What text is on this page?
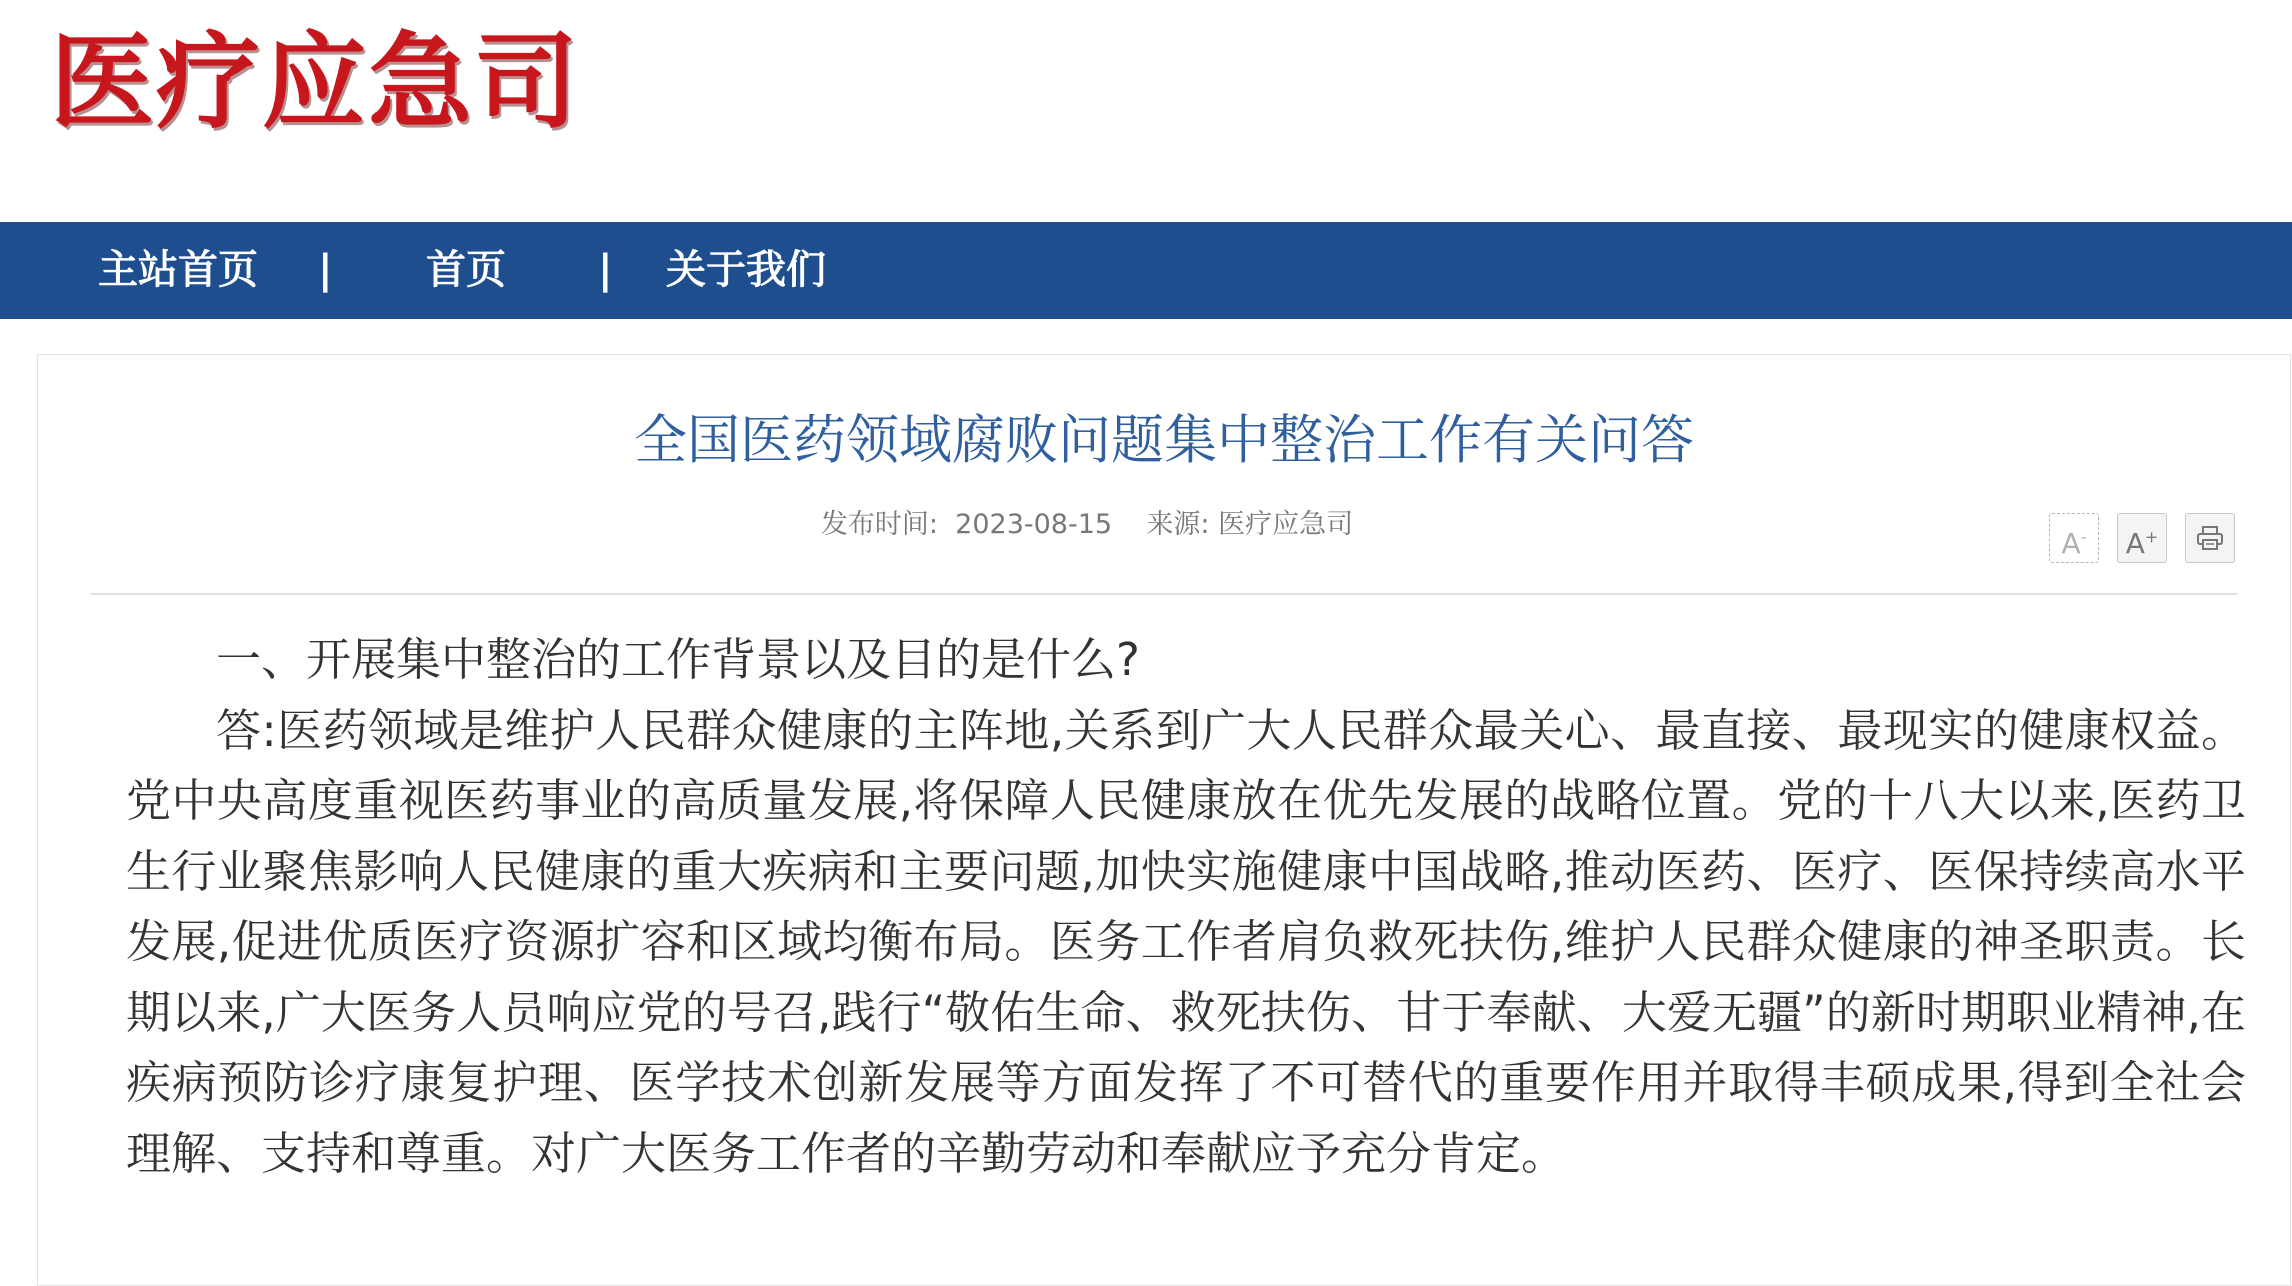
医疗应急司
主站首页 | 首页 | 关于我们
全国医药领域腐败问题集中整治工作有关问答
发布时间: 2023-08-15 来源: 医疗应急司
A-	A+

一、开展集中整治的工作背景以及目的是什么?

答:医药领域是维护人民群众健康的主阵地,关系到广大人民群众最关心、最直接、最现实的健康权益。党中央高度重视医药事业的高质量发展,将保障人民健康放在优先发展的战略位置。党的十八大以来,医药卫生行业聚焦影响人民健康的重大疾病和主要问题,加快实施健康中国战略,推动医药、医疗、医保持续高水平发展,促进优质医疗资源扩容和区域均衡布局。医务工作者肩负救死扶伤,维护人民群众健康的神圣职责。长期以来,广大医务人员响应党的号召,践行“敬佑生命、救死扶伤、甘于奉献、大爱无疆”的新时期职业精神,在疾病预防诊疗康复护理、医学技术创新发展等方面发挥了不可替代的重要作用并取得丰硕成果,得到全社会理解、支持和尊重。对广大医务工作者的辛勤劳动和奉献应予充分肯定。
